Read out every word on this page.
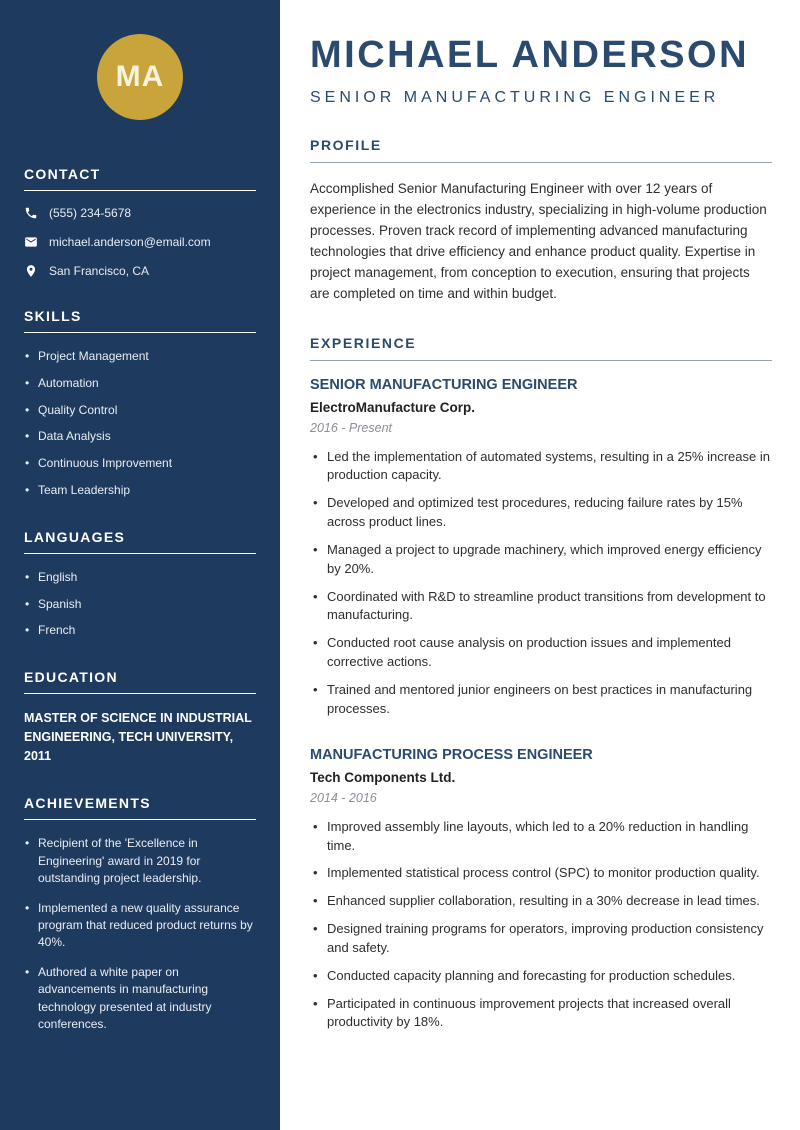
MA
CONTACT
(555) 234-5678
michael.anderson@email.com
San Francisco, CA
SKILLS
• Project Management
• Automation
• Quality Control
• Data Analysis
• Continuous Improvement
• Team Leadership
LANGUAGES
• English
• Spanish
• French
EDUCATION
MASTER OF SCIENCE IN INDUSTRIAL ENGINEERING, TECH UNIVERSITY, 2011
ACHIEVEMENTS
• Recipient of the 'Excellence in Engineering' award in 2019 for outstanding project leadership.
• Implemented a new quality assurance program that reduced product returns by 40%.
• Authored a white paper on advancements in manufacturing technology presented at industry conferences.
MICHAEL ANDERSON
SENIOR MANUFACTURING ENGINEER
PROFILE

Accomplished Senior Manufacturing Engineer with over 12 years of experience in the electronics industry, specializing in high-volume production processes. Proven track record of implementing advanced manufacturing technologies that drive efficiency and enhance product quality. Expertise in project management, from conception to execution, ensuring that projects are completed on time and within budget.

EXPERIENCE
SENIOR MANUFACTURING ENGINEER
ElectroManufacture Corp.
2016 - Present
• Led the implementation of automated systems, resulting in a 25% increase in production capacity.
• Developed and optimized test procedures, reducing failure rates by 15% across product lines.
• Managed a project to upgrade machinery, which improved energy efficiency by 20%.
• Coordinated with R&D to streamline product transitions from development to manufacturing.
• Conducted root cause analysis on production issues and implemented corrective actions.
• Trained and mentored junior engineers on best practices in manufacturing processes.
MANUFACTURING PROCESS ENGINEER
Tech Components Ltd.
2014 - 2016
• Improved assembly line layouts, which led to a 20% reduction in handling time.
• Implemented statistical process control (SPC) to monitor production quality.
• Enhanced supplier collaboration, resulting in a 30% decrease in lead times.
• Designed training programs for operators, improving production consistency and safety.
• Conducted capacity planning and forecasting for production schedules.
• Participated in continuous improvement projects that increased overall productivity by 18%.
